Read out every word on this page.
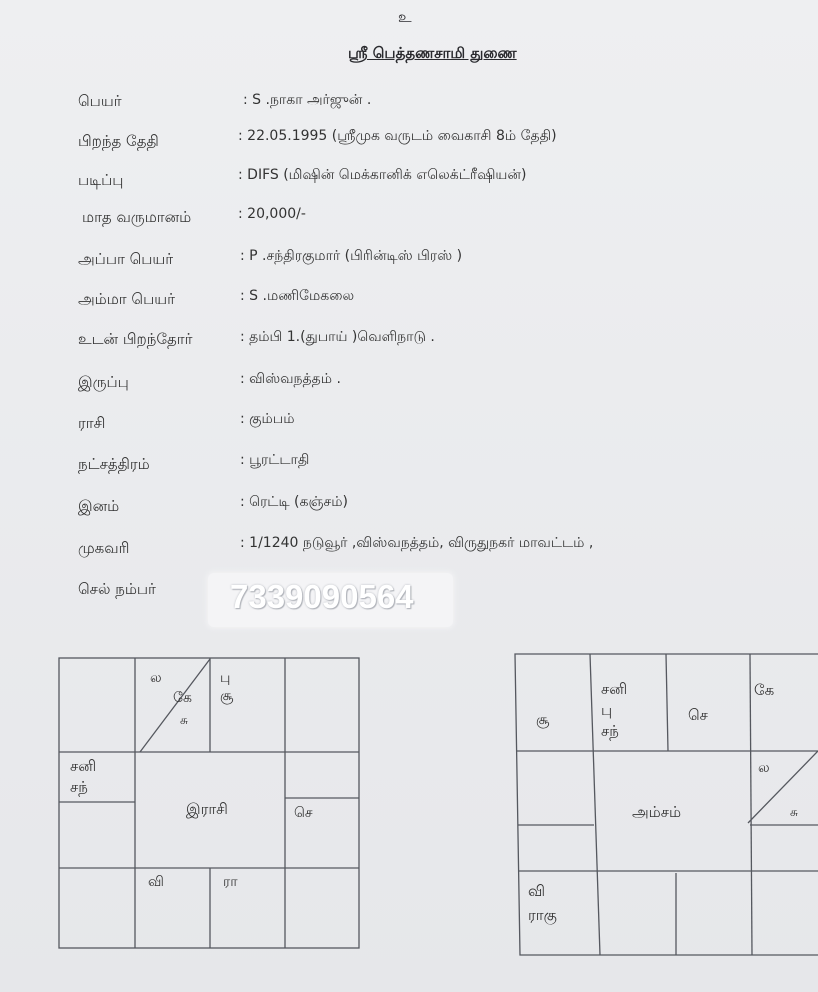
உ
ஸ்ரீ பெத்தணசாமி துணை
பெயர்	: S .நாகா அர்ஜுன் .
பிறந்த தேதி	: 22.05.1995 (ஸ்ரீமுக வருடம் வைகாசி 8ம் தேதி)
படிப்பு	: DIFS (மிஷின் மெக்கானிக் எலெக்ட்ரீஷியன்)
மாத வருமானம்	: 20,000/-
அப்பா பெயர்	: P .சந்திரகுமார் (பிரின்டிஸ் பிரஸ் )
அம்மா பெயர்	: S .மணிமேகலை
உடன் பிறந்தோர்	: தம்பி 1.(துபாய் )வெளிநாடு .
இருப்பு	: விஸ்வநத்தம் .
ராசி	: கும்பம்
நட்சத்திரம்	: பூரட்டாதி
இனம்	: ரெட்டி (கஞ்சம்)
முகவரி	: 1/1240 நடுவூர் ,விஸ்வநத்தம், விருதுநகர் மாவட்டம் ,
செல் நம்பர் 7339090564
ல
கே
சு
பு
சூ
சனி
சந்
இராசி	செ
வி	ரா
சூ
சனி
பு
சந்
செ
கே
ல
சு
அம்சம்
வி
ராகு
